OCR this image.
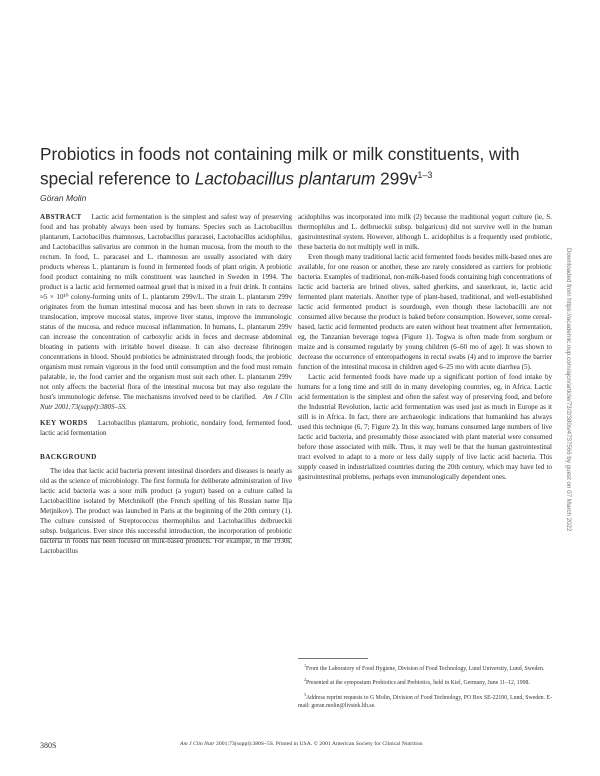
Probiotics in foods not containing milk or milk constituents, with special reference to Lactobacillus plantarum $299v^{1-3}$
Göran Molin

ABSTRACT Lactic acid fermentation is the simplest and safest way of preserving food and has probably always been used by humans. Species such as Lactobacillus plantarum, Lactobacillus rhamnosus, Lactobacillus paracasei, Lactobacillus acidophilus, and Lactobacillus salivarius are common in the human mucosa, from the mouth to the rectum. In food, L. paracasei and L. rhamnosus are usually associated with dairy products whereas L. plantarum is found in fermented foods of plant origin. A probiotic food product containing no milk constituent was launched in Sweden in 1994. The product is a lactic acid fermented oatmeal gruel that is mixed in a fruit drink. It contains ≈5 × 10¹⁰ colony-forming units of L. plantarum 299v/L. The strain L. plantarum 299v originates from the human intestinal mucosa and has been shown in rats to decrease translocation, improve mucosal status, improve liver status, improve the immunologic status of the mucosa, and reduce mucosal inflammation. In humans, L. plantarum 299v can increase the concentration of carboxylic acids in feces and decrease abdominal bloating in patients with irritable bowel disease. It can also decrease fibrinogen concentrations in blood. Should probiotics be administrated through foods, the probiotic organism must remain vigorous in the food until consumption and the food must remain palatable, ie, the food carrier and the organism must suit each other. L. plantarum 299v not only affects the bacterial flora of the intestinal mucosa but may also regulate the host's immunologic defense. The mechanisms involved need to be clarified. Am J Clin Nutr 2001;73(suppl):380S–5S.

KEY WORDS Lactobacillus plantarum, probiotic, nondairy food, fermented food, lactic acid fermentation

BACKGROUND

The idea that lactic acid bacteria prevent intestinal disorders and diseases is nearly as old as the science of microbiology. The first formula for deliberate administration of live lactic acid bacteria was a sour milk product (a yogurt) based on a culture called la Lactobacilline isolated by Metchnikoff (the French spelling of his Russian name Ilja Metjnikov). The product was launched in Paris at the beginning of the 20th century (1). The culture consisted of Streptococcus thermophilus and Lactobacillus delbrueckii subsp. bulgaricus. Ever since this successful introduction, the incorporation of probiotic bacteria in foods has been focused on milk-based products. For example, in the 1930s, Lactobacillus

acidophilus was incorporated into milk (2) because the traditional yogurt culture (ie, S. thermophilus and L. delbrueckii subsp. bulgaricus) did not survive well in the human gastrointestinal system. However, although L. acidophilus is a frequently used probiotic, these bacteria do not multiply well in milk.

Even though many traditional lactic acid fermented foods besides milk-based ones are available, for one reason or another, these are rarely considered as carriers for probiotic bacteria. Examples of traditional, non-milk-based foods containing high concentrations of lactic acid bacteria are brined olives, salted gherkins, and sauerkraut, ie, lactic acid fermented plant materials. Another type of plant-based, traditional, and well-established lactic acid fermented product is sourdough, even though these lactobacilli are not consumed alive because the product is baked before consumption. However, some cereal-based, lactic acid fermented products are eaten without heat treatment after fermentation, eg, the Tanzanian beverage togwa (Figure 1). Togwa is often made from sorghum or maize and is consumed regularly by young children (6–60 mo of age). It was shown to decrease the occurrence of enteropathogens in rectal swabs (4) and to improve the barrier function of the intestinal mucosa in children aged 6–25 mo with acute diarrhea (5).

Lactic acid fermented foods have made up a significant portion of food intake by humans for a long time and still do in many developing countries, eg, in Africa. Lactic acid fermentation is the simplest and often the safest way of preserving food, and before the Industrial Revolution, lactic acid fermentation was used just as much in Europe as it still is in Africa. In fact, there are archaeologic indications that humankind has always used this technique (6, 7; Figure 2). In this way, humans consumed large numbers of live lactic acid bacteria, and presumably those associated with plant material were consumed before those associated with milk. Thus, it may well be that the human gastrointestinal tract evolved to adapt to a more or less daily supply of live lactic acid bacteria. This supply ceased in industrialized countries during the 20th century, which may have led to gastrointestinal problems, perhaps even immunologically dependent ones.

$^1$From the Laboratory of Food Hygiene, Division of Food Technology, Lund University, Lund, Sweden.

$^2$Presented at the symposium Probiotics and Prebiotics, held in Kiel, Germany, June 11–12, 1998.

$^3$Address reprint requests to G Molin, Division of Food Technology, PO Box SE-22100, Lund, Sweden. E-mail: goran.molin@livstek.lth.se.

380S	Am J Clin Nutr 2001;73(suppl):380S–5S. Printed in USA. © 2001 American Society for Clinical Nutrition
Downloaded from https://academic.oup.com/ajcn/article/73/2/380s/4737566 by guest on 07 March 2022
